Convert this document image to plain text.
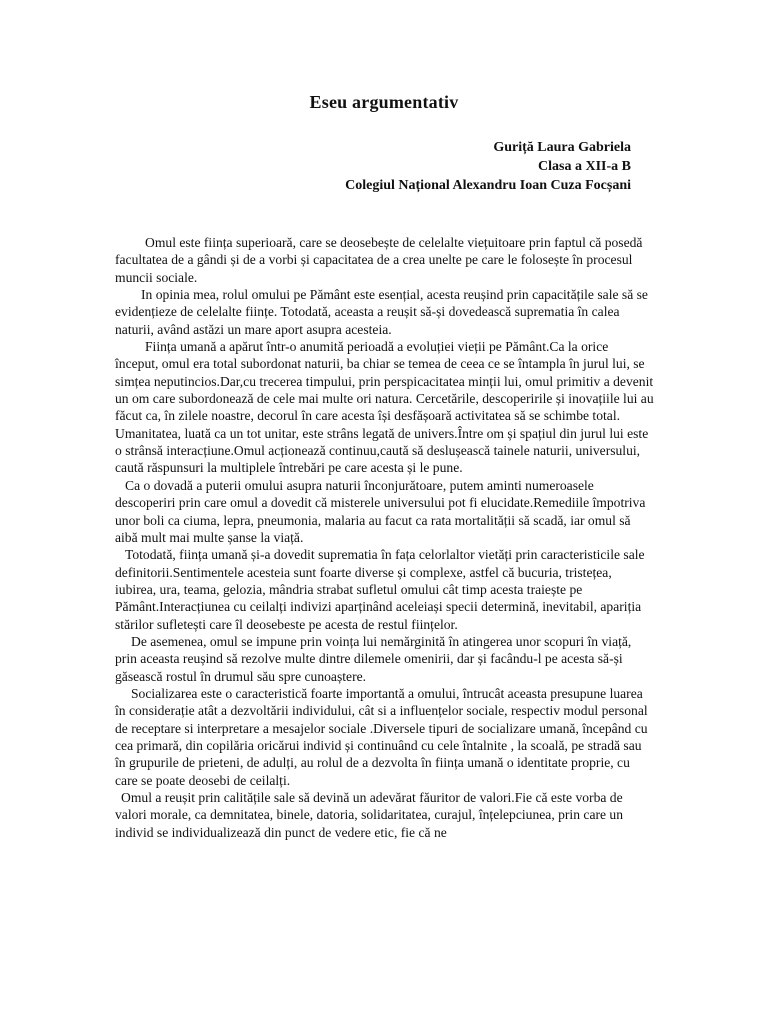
Eseu argumentativ
Guriță Laura Gabriela
Clasa a XII-a B
Colegiul Național Alexandru Ioan Cuza Focșani

Omul este ființa superioară, care se deosebește de celelalte viețuitoare prin faptul că posedă facultatea de a gândi și de a vorbi și capacitatea de a crea unelte pe care le folosește în procesul muncii sociale.

In opinia mea, rolul omului pe Pământ este esențial, acesta reușind prin capacitățile sale să se evidențieze de celelalte ființe. Totodată, aceasta a reușit să-și dovedească suprematia în calea naturii, având astăzi un mare aport asupra acesteia.

Ființa umană a apărut într-o anumită perioadă a evoluției vieții pe Pământ.Ca la orice început, omul era total subordonat naturii, ba chiar se temea de ceea ce se întampla în jurul lui, se simțea neputincios.Dar,cu trecerea timpului, prin perspicacitatea minții lui, omul primitiv a devenit un om care subordonează de cele mai multe ori natura. Cercetările, descoperirile și inovațiile lui au făcut ca, în zilele noastre, decorul în care acesta își desfășoară activitatea să se schimbe total.

Umanitatea, luată ca un tot unitar, este strâns legată de univers.Între om și spațiul din jurul lui este o strânsă interacțiune.Omul acționează continuu,caută să deslușească tainele naturii, universului, caută răspunsuri la multiplele întrebări pe care acesta și le pune.

Ca o dovadă a puterii omului asupra naturii înconjurătoare, putem aminti numeroasele descoperiri prin care omul a dovedit că misterele universului pot fi elucidate.Remediile împotriva unor boli ca ciuma, lepra, pneumonia, malaria au facut ca rata mortalității să scadă, iar omul să aibă mult mai multe șanse la viață.

Totodată, ființa umană și-a dovedit suprematia în fața celorlaltor vietăți prin caracteristicile sale definitorii.Sentimentele acesteia sunt foarte diverse și complexe, astfel că bucuria, tristețea, iubirea, ura, teama, gelozia, mândria strabat sufletul omului cât timp acesta traiește pe Pământ.Interacțiunea cu ceilalți indivizi aparținând aceleiași specii determină, inevitabil, apariția stărilor sufletești care îl deosebeste pe acesta de restul ființelor.

De asemenea, omul se impune prin voința lui nemărginită în atingerea unor scopuri în viață, prin aceasta reușind să rezolve multe dintre dilemele omenirii, dar și facându-l pe acesta să-și găsească rostul în drumul său spre cunoaștere.

Socializarea este o caracteristică foarte importantă a omului, întrucât aceasta presupune luarea în considerație atât a dezvoltării individului, cât si a influențelor sociale, respectiv modul personal de receptare si interpretare a mesajelor sociale .Diversele tipuri de socializare umană, începând cu cea primară, din copilăria oricărui individ și continuând cu cele întalnite , la scoală, pe stradă sau în grupurile de prieteni, de adulți, au rolul de a dezvolta în ființa umană o identitate proprie, cu care se poate deosebi de ceilalți.

Omul a reușit prin calitățile sale să devină un adevărat făuritor de valori.Fie că este vorba de valori morale, ca demnitatea, binele, datoria, solidaritatea, curajul, înțelepciunea, prin care un individ se individualizează din punct de vedere etic, fie că ne
